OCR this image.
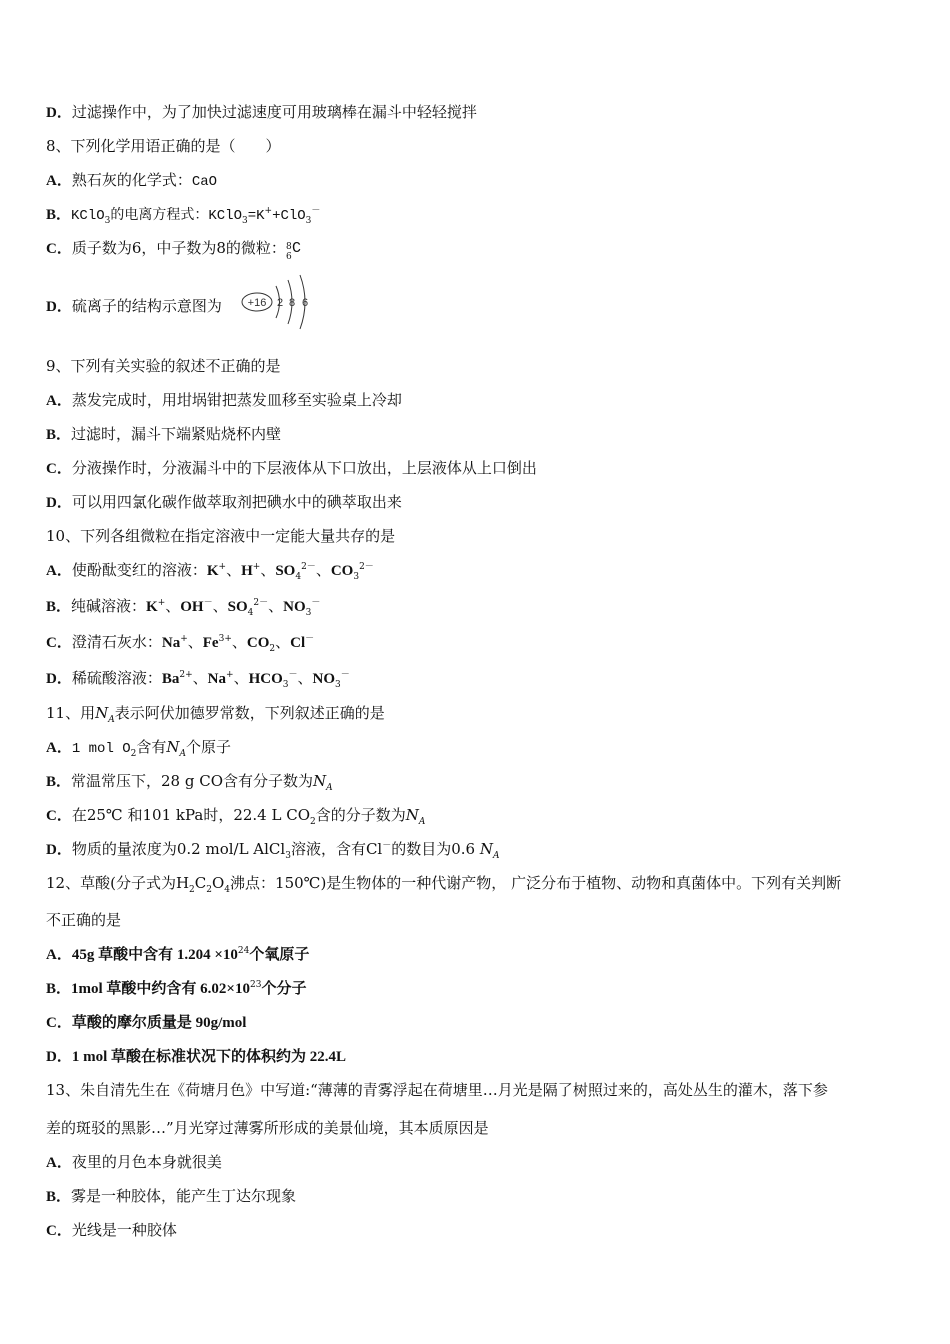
D．过滤操作中，为了加快过滤速度可用玻璃棒在漏斗中轻轻搅拌
8、下列化学用语正确的是（　　）
A．熟石灰的化学式：CaO
B．KClO$_3$的电离方程式：KClO$_3$=K++ClO$_3$－
C．质子数为6，中子数为8的微粒： 8
6 C
D．硫离子的结构示意图为 +16 2 8 6
9、下列有关实验的叙述不正确的是
A．蒸发完成时，用坩埚钳把蒸发皿移至实验桌上冷却
B．过滤时，漏斗下端紧贴烧杯内壁
C．分液操作时，分液漏斗中的下层液体从下口放出，上层液体从上口倒出
D．可以用四氯化碳作做萃取剂把碘水中的碘萃取出来
10、下列各组微粒在指定溶液中一定能大量共存的是
A．使酚酞变红的溶液：K+、H+、$SO_4^{2-}$、$CO_3^{2-}$
B．纯碱溶液：K+、OH－、$SO_4^{2-}$、$NO_3^-$
C．澄清石灰水：Na+、$Fe^{3+}$、$CO_2$、Cl－
D．稀硫酸溶液：$Ba^{2+}$、Na+、$HCO_3^-$、$NO_3^-$
11、用$N_A$表示阿伏加德罗常数，下列叙述正确的是
A．1 mol $O_2$含有$N_A$个原子
B．常温常压下，28 g CO含有分子数为$N_A$
C．在25℃ 和101 kPa时，22.4 L $CO_2$含的分子数为$N_A$
D．物质的量浓度为0.2 mol/L AlCl$_3$溶液，含有Cl－的数目为0.6 $N_A$
12、草酸(分子式为$H_2C_2O_4$沸点：150℃)是生物体的一种代谢产物， 广泛分布于植物、动物和真菌体中。下列有关判断
不正确的是
A．45g 草酸中含有 $1.204 \times 10^{24}$个氧原子
B．1mol 草酸中约含有 $6.02\times 10^{23}$个分子
C．草酸的摩尔质量是 90g/mol
D．1 mol 草酸在标准状况下的体积约为 22.4L
13、朱自清先生在《荷塘月色》中写道:“薄薄的青雾浮起在荷塘里…月光是隔了树照过来的，高处丛生的灌木，落下参
差的斑驳的黑影…”月光穿过薄雾所形成的美景仙境，其本质原因是
A．夜里的月色本身就很美
B．雾是一种胶体，能产生丁达尔现象
C．光线是一种胶体
